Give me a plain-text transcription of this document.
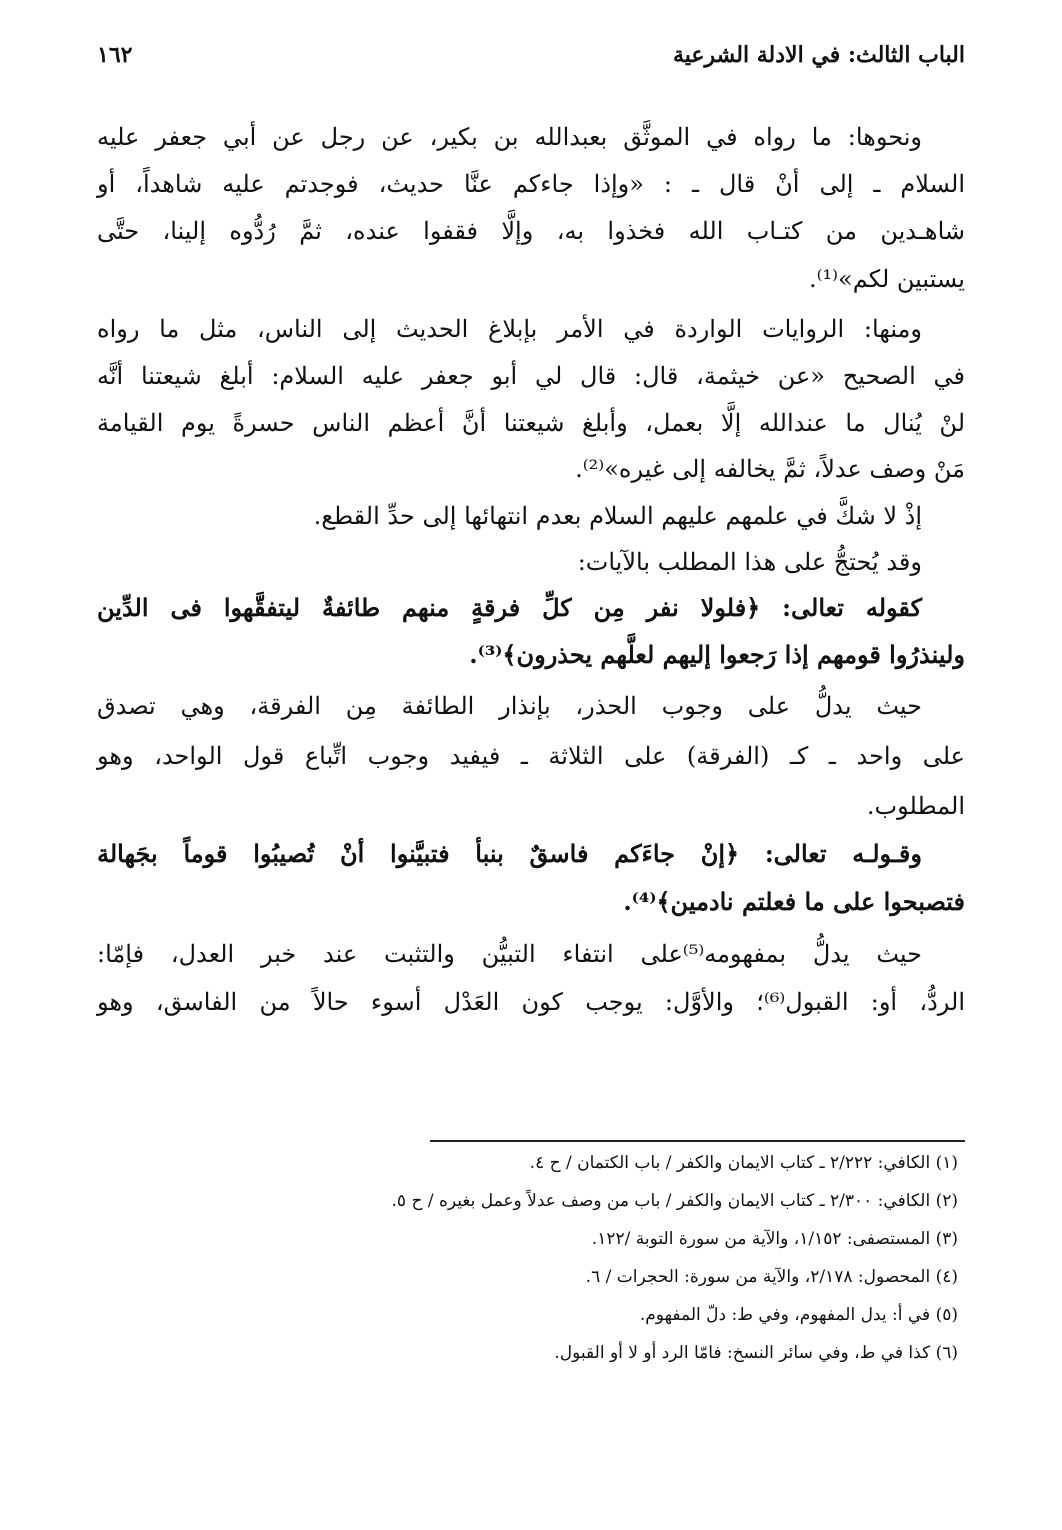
الباب الثالث: في الادلة الشرعية
١٦٢
ونحوها: ما رواه في الموثَّق بعبدالله بن بكير، عن رجل عن أبي جعفر عليه
السلام ـ إلى أنْ قال ـ : «وإذا جاءكم عنَّا حديث، فوجدتم عليه شاهداً، أو
شاهـدين من كتـاب الله فخذوا به، وإلَّا فقفوا عنده، ثمَّ رُدُّوه إلينا، حتَّى
يستبين لكم»⁽¹⁾.
ومنها: الروايات الواردة في الأمر بإبلاغ الحديث إلى الناس، مثل ما رواه
في الصحيح «عن خيثمة، قال: قال لي أبو جعفر عليه السلام: أبلغ شيعتنا أنَّه
لنْ يُنال ما عندالله إلَّا بعمل، وأبلغ شيعتنا أنَّ أعظم الناس حسرةً يوم القيامة
مَنْ وصف عدلاً، ثمَّ يخالفه إلى غيره»⁽²⁾.
إذْ لا شكَّ في علمهم عليهم السلام بعدم انتهائها إلى حدِّ القطع.
وقد يُحتجُّ على هذا المطلب بالآيات:
كقوله تعالى: ﴿فلولا نفر مِن كلِّ فرقةٍ منهم طائفةٌ ليتفقَّهوا فى الدِّين
ولينذرُوا قومهم إذا رَجعوا إليهم لعلَّهم يحذرون﴾⁽³⁾.
حيث يدلُّ على وجوب الحذر، بإنذار الطائفة مِن الفرقة، وهي تصدق
على واحد ـ كـ (الفرقة) على الثلاثة ـ فيفيد وجوب اتِّباع قول الواحد، وهو
المطلوب.
وقـولـه تعالى: ﴿إنْ جاءَكم فاسقٌ بنبأ فتبيَّنوا أنْ تُصيبُوا قوماً بجَهالة
فتصبحوا على ما فعلتم نادمين﴾⁽⁴⁾.
حيث يدلُّ بمفهومه⁽⁵⁾على انتفاء التبيُّن والتثبت عند خبر العدل، فإمّا:
الردُّ، أو: القبول⁽⁶⁾؛ والأوَّل: يوجب كون العَدْل أسوء حالاً من الفاسق، وهو
(١) الكافي: ٢/٢٢٢ ـ كتاب الايمان والكفر / باب الكتمان / ح ٤.
(٢) الكافي: ٢/٣٠٠ ـ كتاب الايمان والكفر / باب من وصف عدلاً وعمل بغيره / ح ٥.
(٣) المستصفى: ١/١٥٢، والآية من سورة التوبة /١٢٢.
(٤) المحصول: ٢/١٧٨، والآية من سورة: الحجرات / ٦.
(٥) في أ: يدل المفهوم، وفي ط: دلّ المفهوم.
(٦) كذا في ط، وفي سائر النسخ: فامّا الرد أو لا أو القبول.
